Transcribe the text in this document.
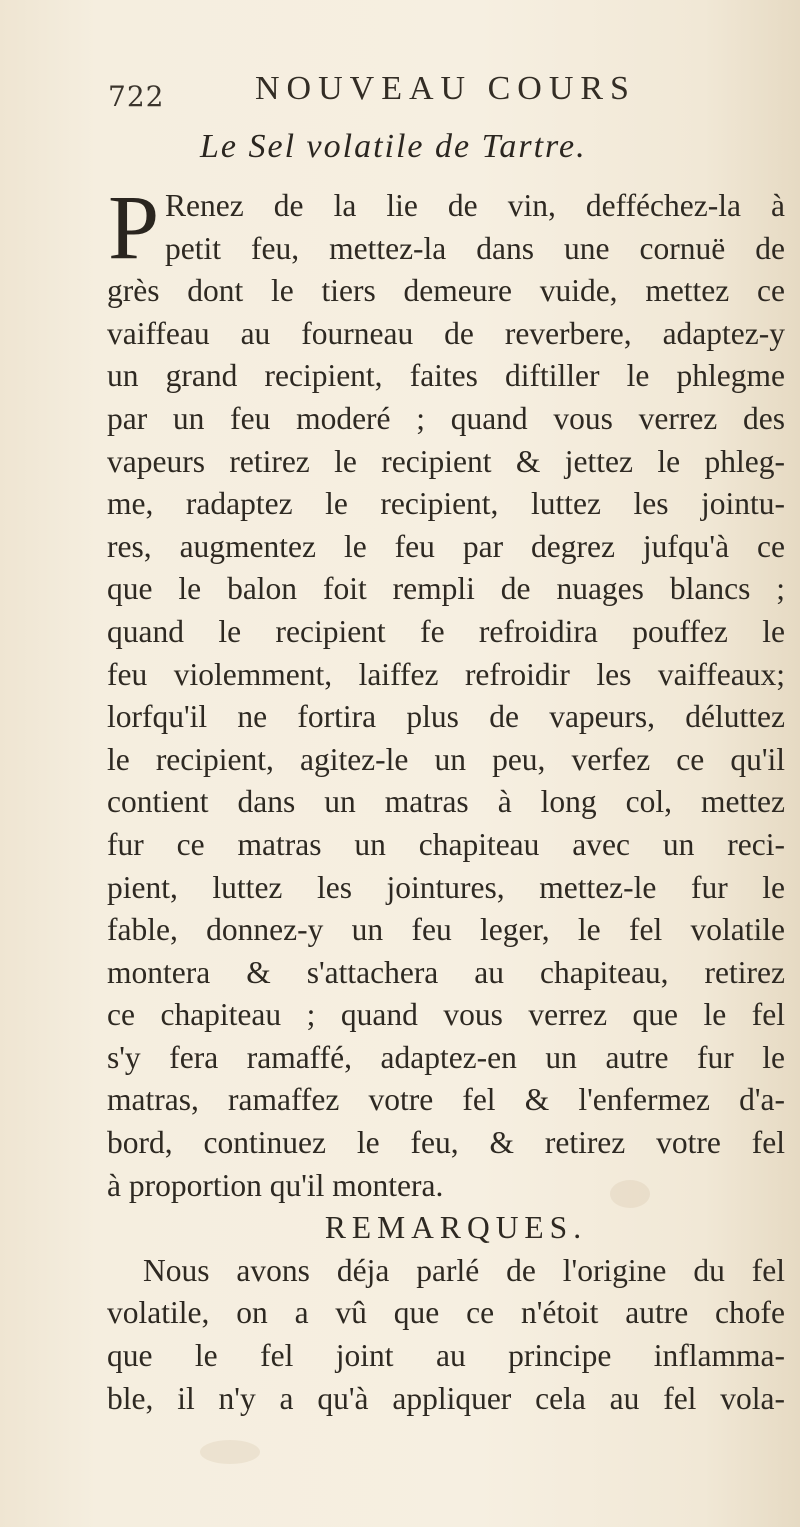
722	NOUVEAU COURS
Le Sel volatile de Tartre.
P Renez de la lie de vin, defféchez-la à
petit feu, mettez-la dans une cornuë de
grès dont le tiers demeure vuide, mettez ce
vaiffeau au fourneau de reverbere, adaptez-y
un grand recipient, faites diftiller le phlegme
par un feu moderé ; quand vous verrez des
vapeurs retirez le recipient & jettez le phleg-
me, radaptez le recipient, luttez les jointu-
res, augmentez le feu par degrez jufqu'à ce
que le balon foit rempli de nuages blancs ;
quand le recipient fe refroidira pouffez le
feu violemment, laiffez refroidir les vaiffeaux;
lorfqu'il ne fortira plus de vapeurs, déluttez
le recipient, agitez-le un peu, verfez ce qu'il
contient dans un matras à long col, mettez
fur ce matras un chapiteau avec un reci-
pient, luttez les jointures, mettez-le fur le
fable, donnez-y un feu leger, le fel volatile
montera & s'attachera au chapiteau, retirez
ce chapiteau ; quand vous verrez que le fel
s'y fera ramaffé, adaptez-en un autre fur le
matras, ramaffez votre fel & l'enfermez d'a-
bord, continuez le feu, & retirez votre fel
à proportion qu'il montera.
REMARQUES.
Nous avons déja parlé de l'origine du fel
volatile, on a vû que ce n'étoit autre chofe
que le fel joint au principe inflamma-
ble, il n'y a qu'à appliquer cela au fel vola-
